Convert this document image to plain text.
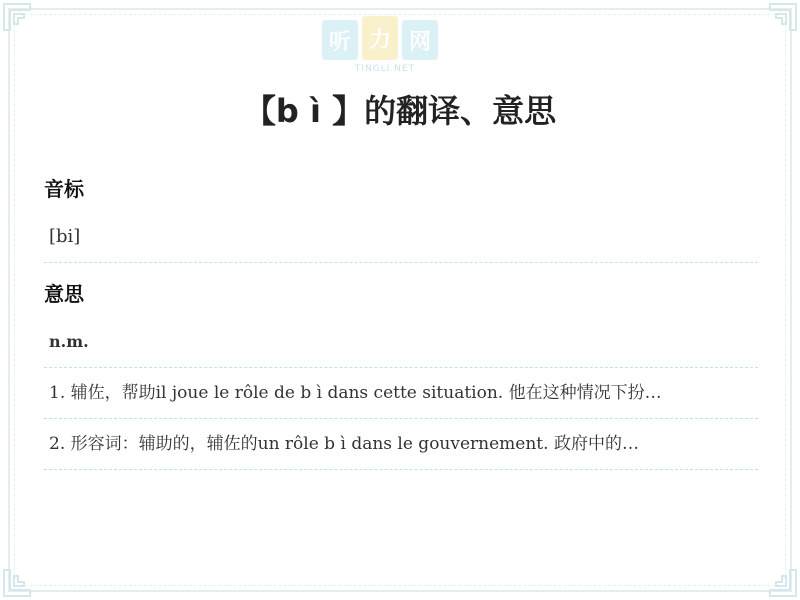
听 力 网
TINGLI.NET
【b ì 】的翻译、意思
音标
[bi]
意思
n.m.
1. 辅佐，帮助il joue le rôle de b ì dans cette situation. 他在这种情况下扮…
2. 形容词：辅助的，辅佐的un rôle b ì dans le gouvernement. 政府中的…
